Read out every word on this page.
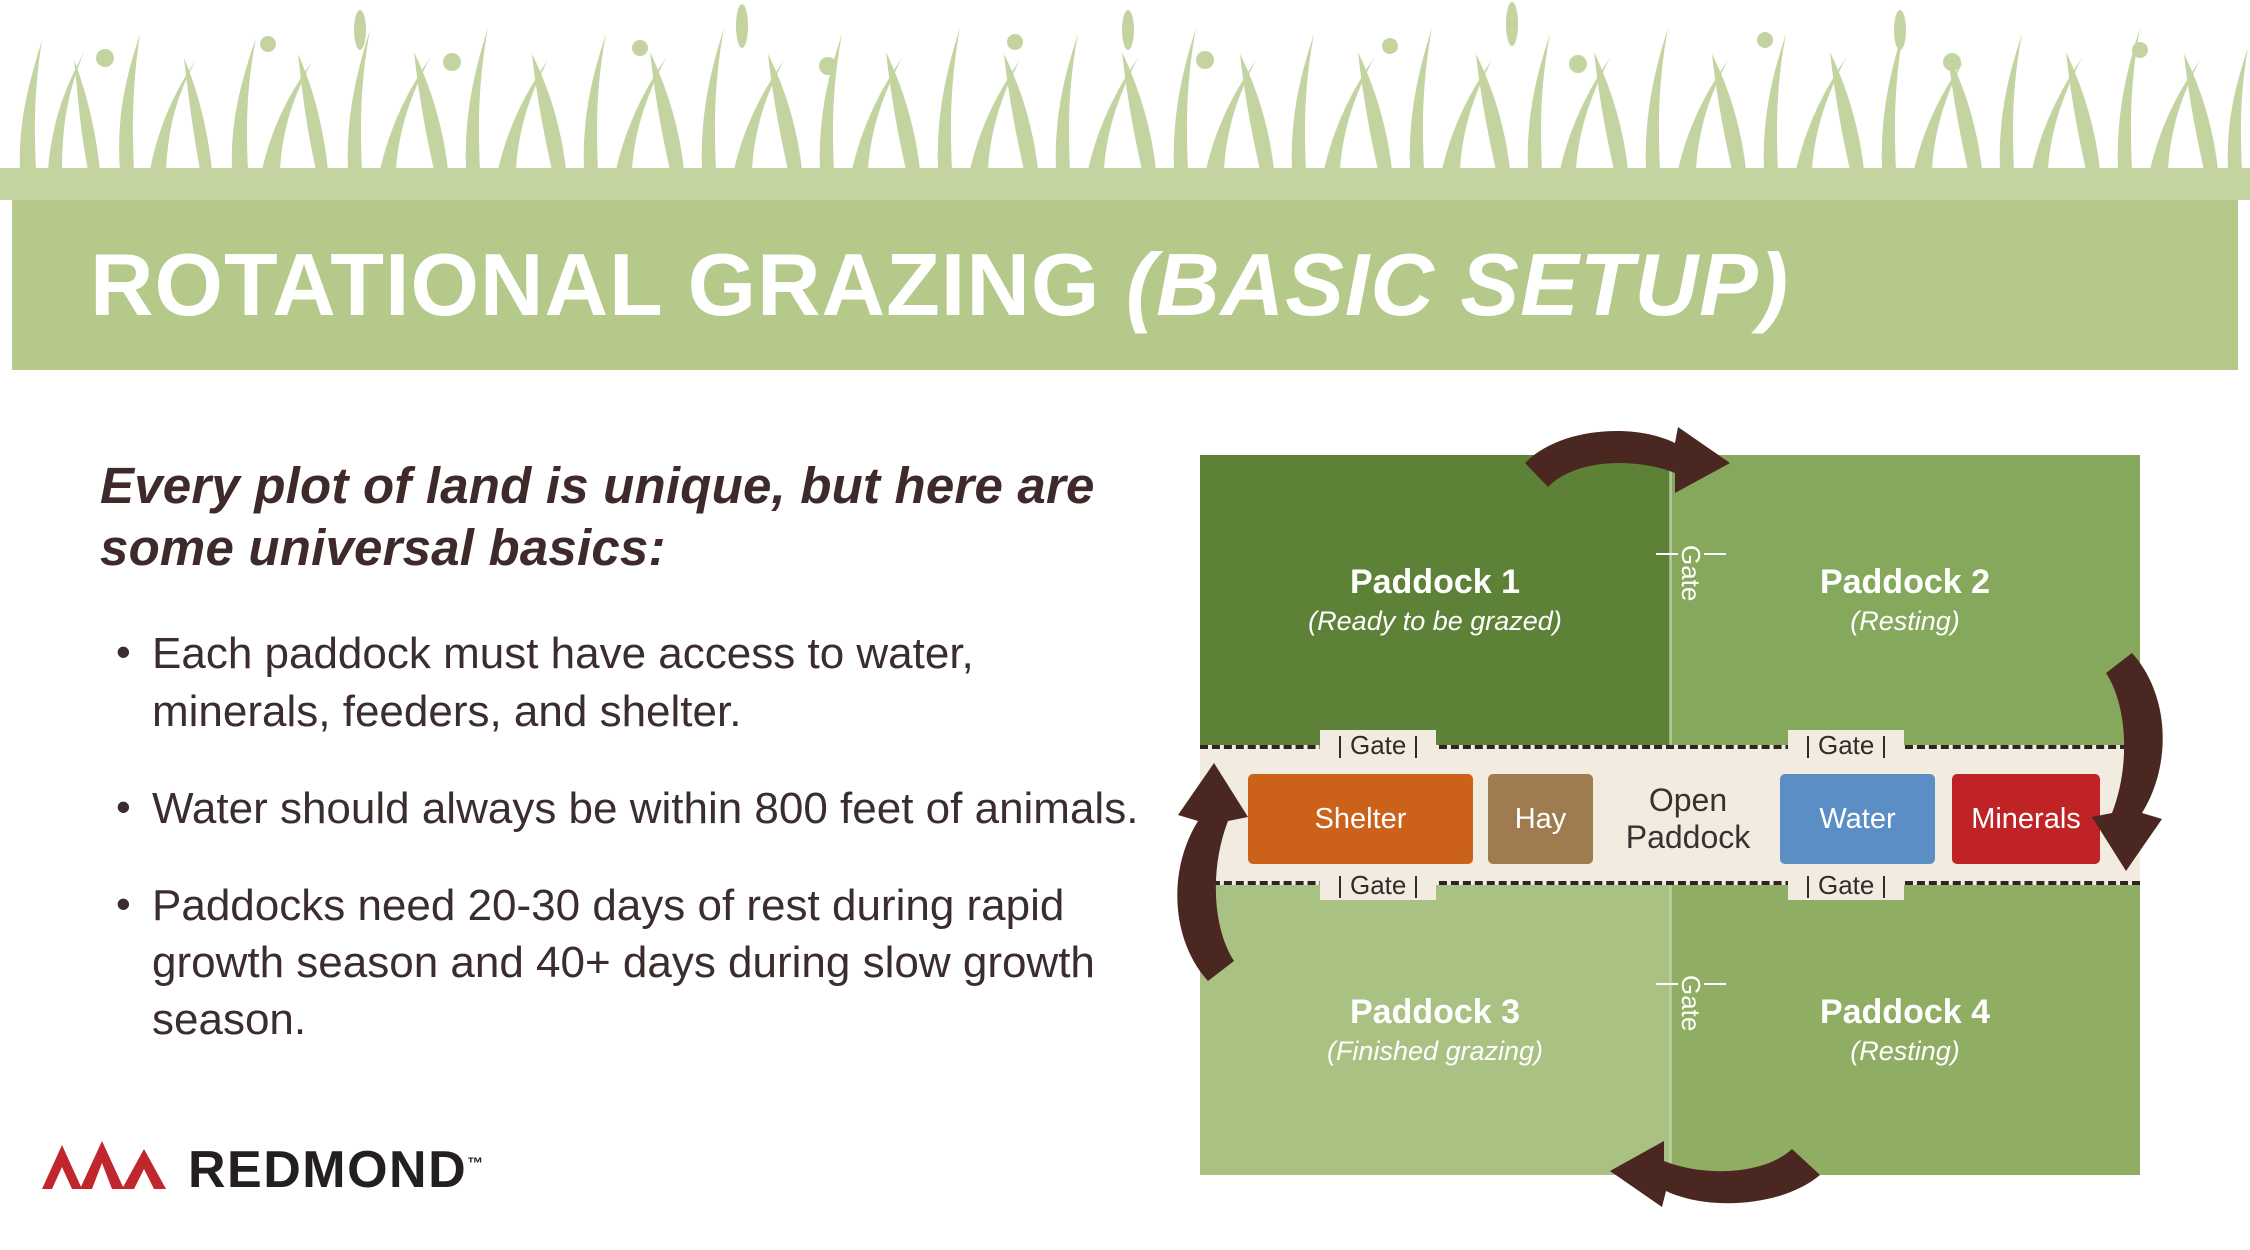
ROTATIONAL GRAZING (BASIC SETUP)

Every plot of land is unique, but here are some universal basics:

• Each paddock must have access to water, minerals, feeders, and shelter.
• Water should always be within 800 feet of animals.
• Paddocks need 20-30 days of rest during rapid growth season and 40+ days during slow growth season.
REDMOND™
Paddock 1
(Ready to be grazed)
Paddock 2
(Resting)
Paddock 3
(Finished grazing)
Paddock 4
(Resting)
Gate
Gate
Shelter	Hay
Open
Paddock
Water	Minerals
Gate	Gate
Gate	Gate
